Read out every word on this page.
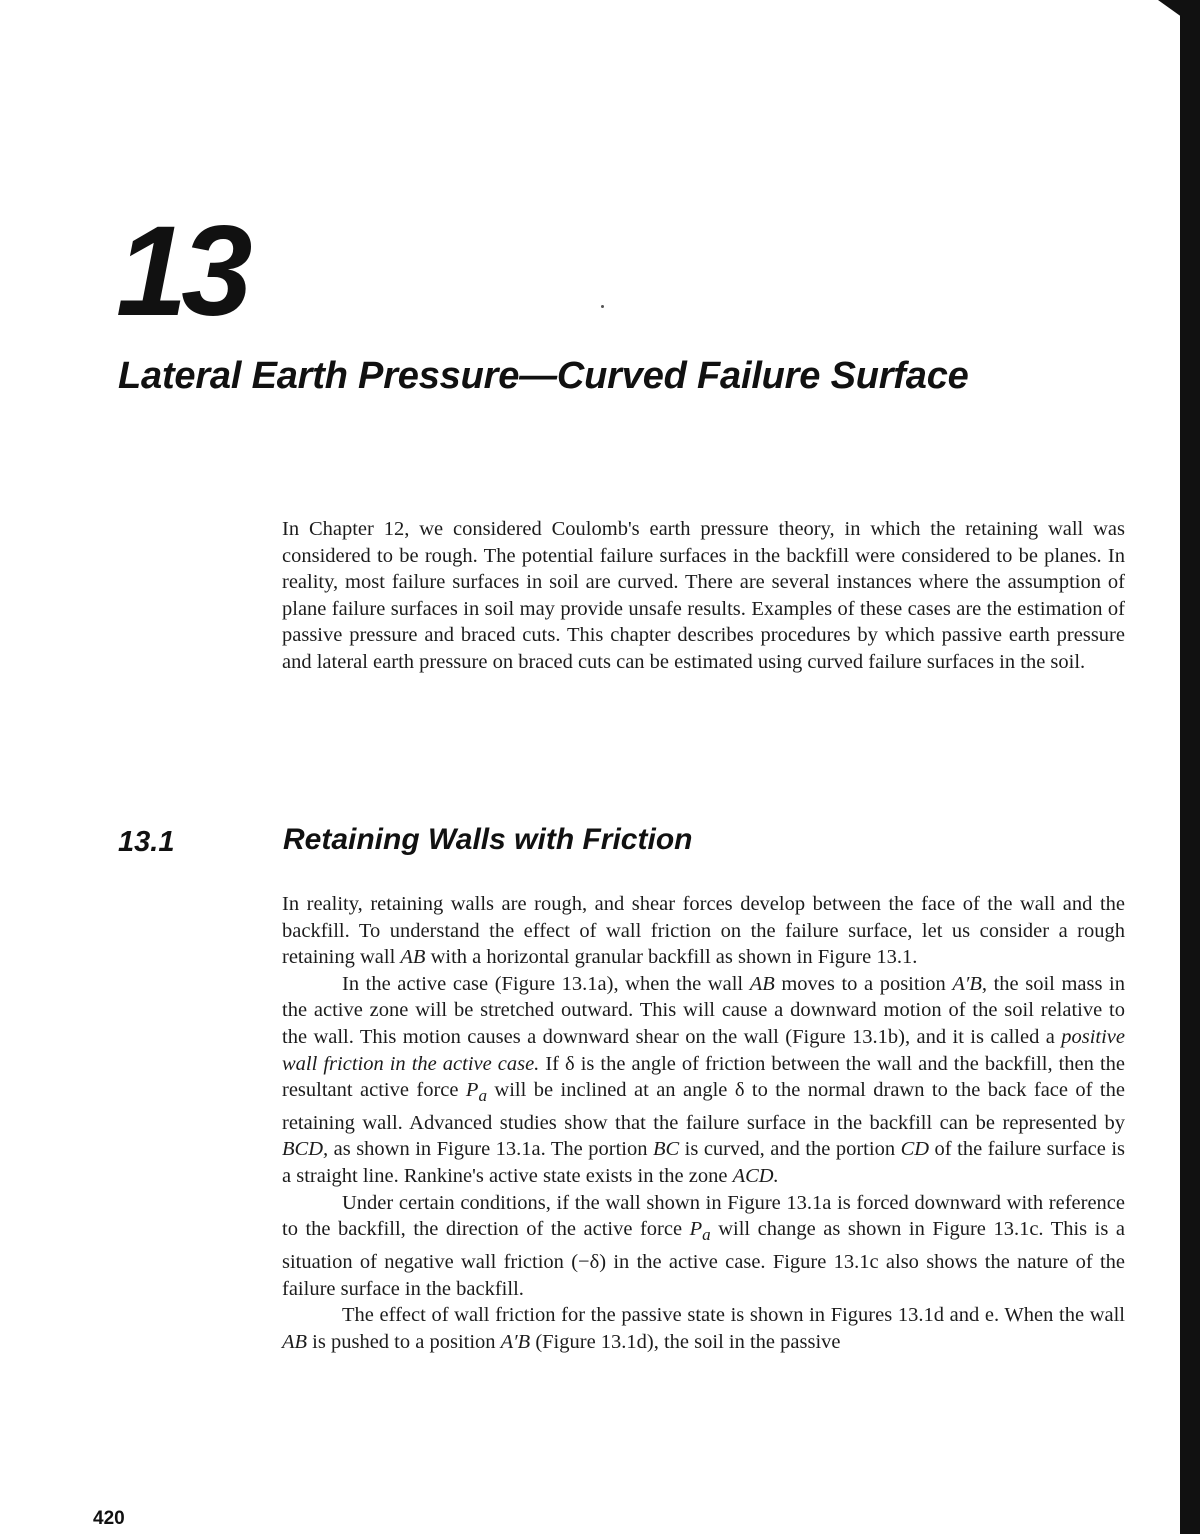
13
Lateral Earth Pressure—Curved Failure Surface
In Chapter 12, we considered Coulomb's earth pressure theory, in which the retaining wall was considered to be rough. The potential failure surfaces in the backfill were considered to be planes. In reality, most failure surfaces in soil are curved. There are several instances where the assumption of plane failure surfaces in soil may provide unsafe results. Examples of these cases are the estimation of passive pressure and braced cuts. This chapter describes procedures by which passive earth pressure and lateral earth pressure on braced cuts can be estimated using curved failure surfaces in the soil.
13.1	Retaining Walls with Friction

In reality, retaining walls are rough, and shear forces develop between the face of the wall and the backfill. To understand the effect of wall friction on the failure surface, let us consider a rough retaining wall AB with a horizontal granular backfill as shown in Figure 13.1.

In the active case (Figure 13.1a), when the wall AB moves to a position A′B, the soil mass in the active zone will be stretched outward. This will cause a downward motion of the soil relative to the wall. This motion causes a downward shear on the wall (Figure 13.1b), and it is called a positive wall friction in the active case. If δ is the angle of friction between the wall and the backfill, then the resultant active force $P_a$ will be inclined at an angle δ to the normal drawn to the back face of the retaining wall. Advanced studies show that the failure surface in the backfill can be represented by BCD, as shown in Figure 13.1a. The portion BC is curved, and the portion CD of the failure surface is a straight line. Rankine's active state exists in the zone ACD.

Under certain conditions, if the wall shown in Figure 13.1a is forced downward with reference to the backfill, the direction of the active force $P_a$ will change as shown in Figure 13.1c. This is a situation of negative wall friction (−δ) in the active case. Figure 13.1c also shows the nature of the failure surface in the backfill.

The effect of wall friction for the passive state is shown in Figures 13.1d and e. When the wall AB is pushed to a position A′B (Figure 13.1d), the soil in the passive

420
